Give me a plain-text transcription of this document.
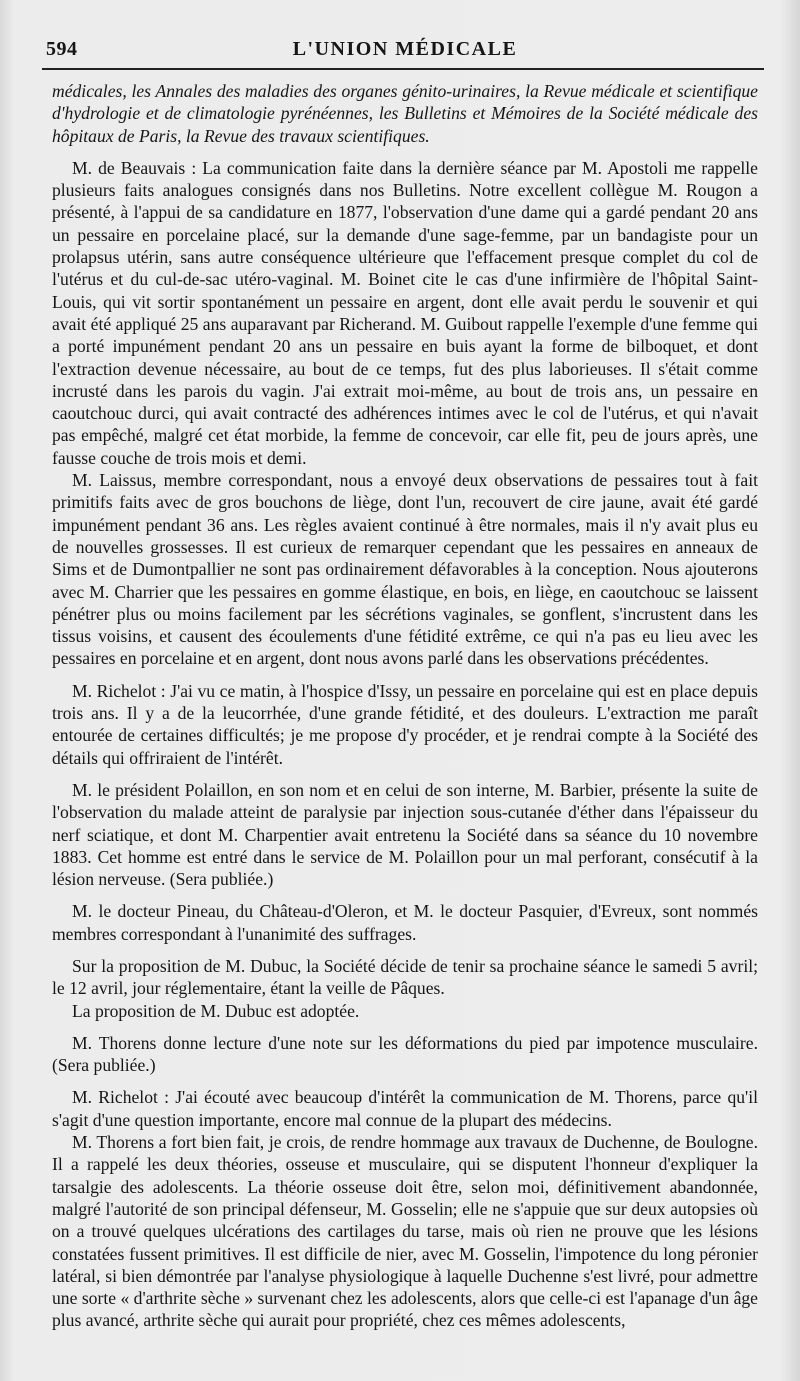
594	L'UNION MÉDICALE

médicales, les Annales des maladies des organes génito-urinaires, la Revue médicale et scientifique d'hydrologie et de climatologie pyrénéennes, les Bulletins et Mémoires de la Société médicale des hôpitaux de Paris, la Revue des travaux scientifiques.

M. de Beauvais : La communication faite dans la dernière séance par M. Apostoli me rappelle plusieurs faits analogues consignés dans nos Bulletins. Notre excellent collègue M. Rougon a présenté, à l'appui de sa candidature en 1877, l'observation d'une dame qui a gardé pendant 20 ans un pessaire en porcelaine placé, sur la demande d'une sage-femme, par un bandagiste pour un prolapsus utérin, sans autre conséquence ultérieure que l'effacement presque complet du col de l'utérus et du cul-de-sac utéro-vaginal. M. Boinet cite le cas d'une infirmière de l'hôpital Saint-Louis, qui vit sortir spontanément un pessaire en argent, dont elle avait perdu le souvenir et qui avait été appliqué 25 ans auparavant par Richerand. M. Guibout rappelle l'exemple d'une femme qui a porté impunément pendant 20 ans un pessaire en buis ayant la forme de bilboquet, et dont l'extraction devenue nécessaire, au bout de ce temps, fut des plus laborieuses. Il s'était comme incrusté dans les parois du vagin. J'ai extrait moi-même, au bout de trois ans, un pessaire en caoutchouc durci, qui avait contracté des adhérences intimes avec le col de l'utérus, et qui n'avait pas empêché, malgré cet état morbide, la femme de concevoir, car elle fit, peu de jours après, une fausse couche de trois mois et demi.

M. Laissus, membre correspondant, nous a envoyé deux observations de pessaires tout à fait primitifs faits avec de gros bouchons de liège, dont l'un, recouvert de cire jaune, avait été gardé impunément pendant 36 ans. Les règles avaient continué à être normales, mais il n'y avait plus eu de nouvelles grossesses. Il est curieux de remarquer cependant que les pessaires en anneaux de Sims et de Dumontpallier ne sont pas ordinairement défavorables à la conception. Nous ajouterons avec M. Charrier que les pessaires en gomme élastique, en bois, en liège, en caoutchouc se laissent pénétrer plus ou moins facilement par les sécrétions vaginales, se gonflent, s'incrustent dans les tissus voisins, et causent des écoulements d'une fétidité extrême, ce qui n'a pas eu lieu avec les pessaires en porcelaine et en argent, dont nous avons parlé dans les observations précédentes.

M. Richelot : J'ai vu ce matin, à l'hospice d'Issy, un pessaire en porcelaine qui est en place depuis trois ans. Il y a de la leucorrhée, d'une grande fétidité, et des douleurs. L'extraction me paraît entourée de certaines difficultés; je me propose d'y procéder, et je rendrai compte à la Société des détails qui offriraient de l'intérêt.

M. le président Polaillon, en son nom et en celui de son interne, M. Barbier, présente la suite de l'observation du malade atteint de paralysie par injection sous-cutanée d'éther dans l'épaisseur du nerf sciatique, et dont M. Charpentier avait entretenu la Société dans sa séance du 10 novembre 1883. Cet homme est entré dans le service de M. Polaillon pour un mal perforant, consécutif à la lésion nerveuse. (Sera publiée.)

M. le docteur Pineau, du Château-d'Oleron, et M. le docteur Pasquier, d'Evreux, sont nommés membres correspondant à l'unanimité des suffrages.

Sur la proposition de M. Dubuc, la Société décide de tenir sa prochaine séance le samedi 5 avril; le 12 avril, jour réglementaire, étant la veille de Pâques.

La proposition de M. Dubuc est adoptée.

M. Thorens donne lecture d'une note sur les déformations du pied par impotence musculaire. (Sera publiée.)

M. Richelot : J'ai écouté avec beaucoup d'intérêt la communication de M. Thorens, parce qu'il s'agit d'une question importante, encore mal connue de la plupart des médecins.

M. Thorens a fort bien fait, je crois, de rendre hommage aux travaux de Duchenne, de Boulogne. Il a rappelé les deux théories, osseuse et musculaire, qui se disputent l'honneur d'expliquer la tarsalgie des adolescents. La théorie osseuse doit être, selon moi, définitivement abandonnée, malgré l'autorité de son principal défenseur, M. Gosselin; elle ne s'appuie que sur deux autopsies où on a trouvé quelques ulcérations des cartilages du tarse, mais où rien ne prouve que les lésions constatées fussent primitives. Il est difficile de nier, avec M. Gosselin, l'impotence du long péronier latéral, si bien démontrée par l'analyse physiologique à laquelle Duchenne s'est livré, pour admettre une sorte « d'arthrite sèche » survenant chez les adolescents, alors que celle-ci est l'apanage d'un âge plus avancé, arthrite sèche qui aurait pour propriété, chez ces mêmes adolescents,
